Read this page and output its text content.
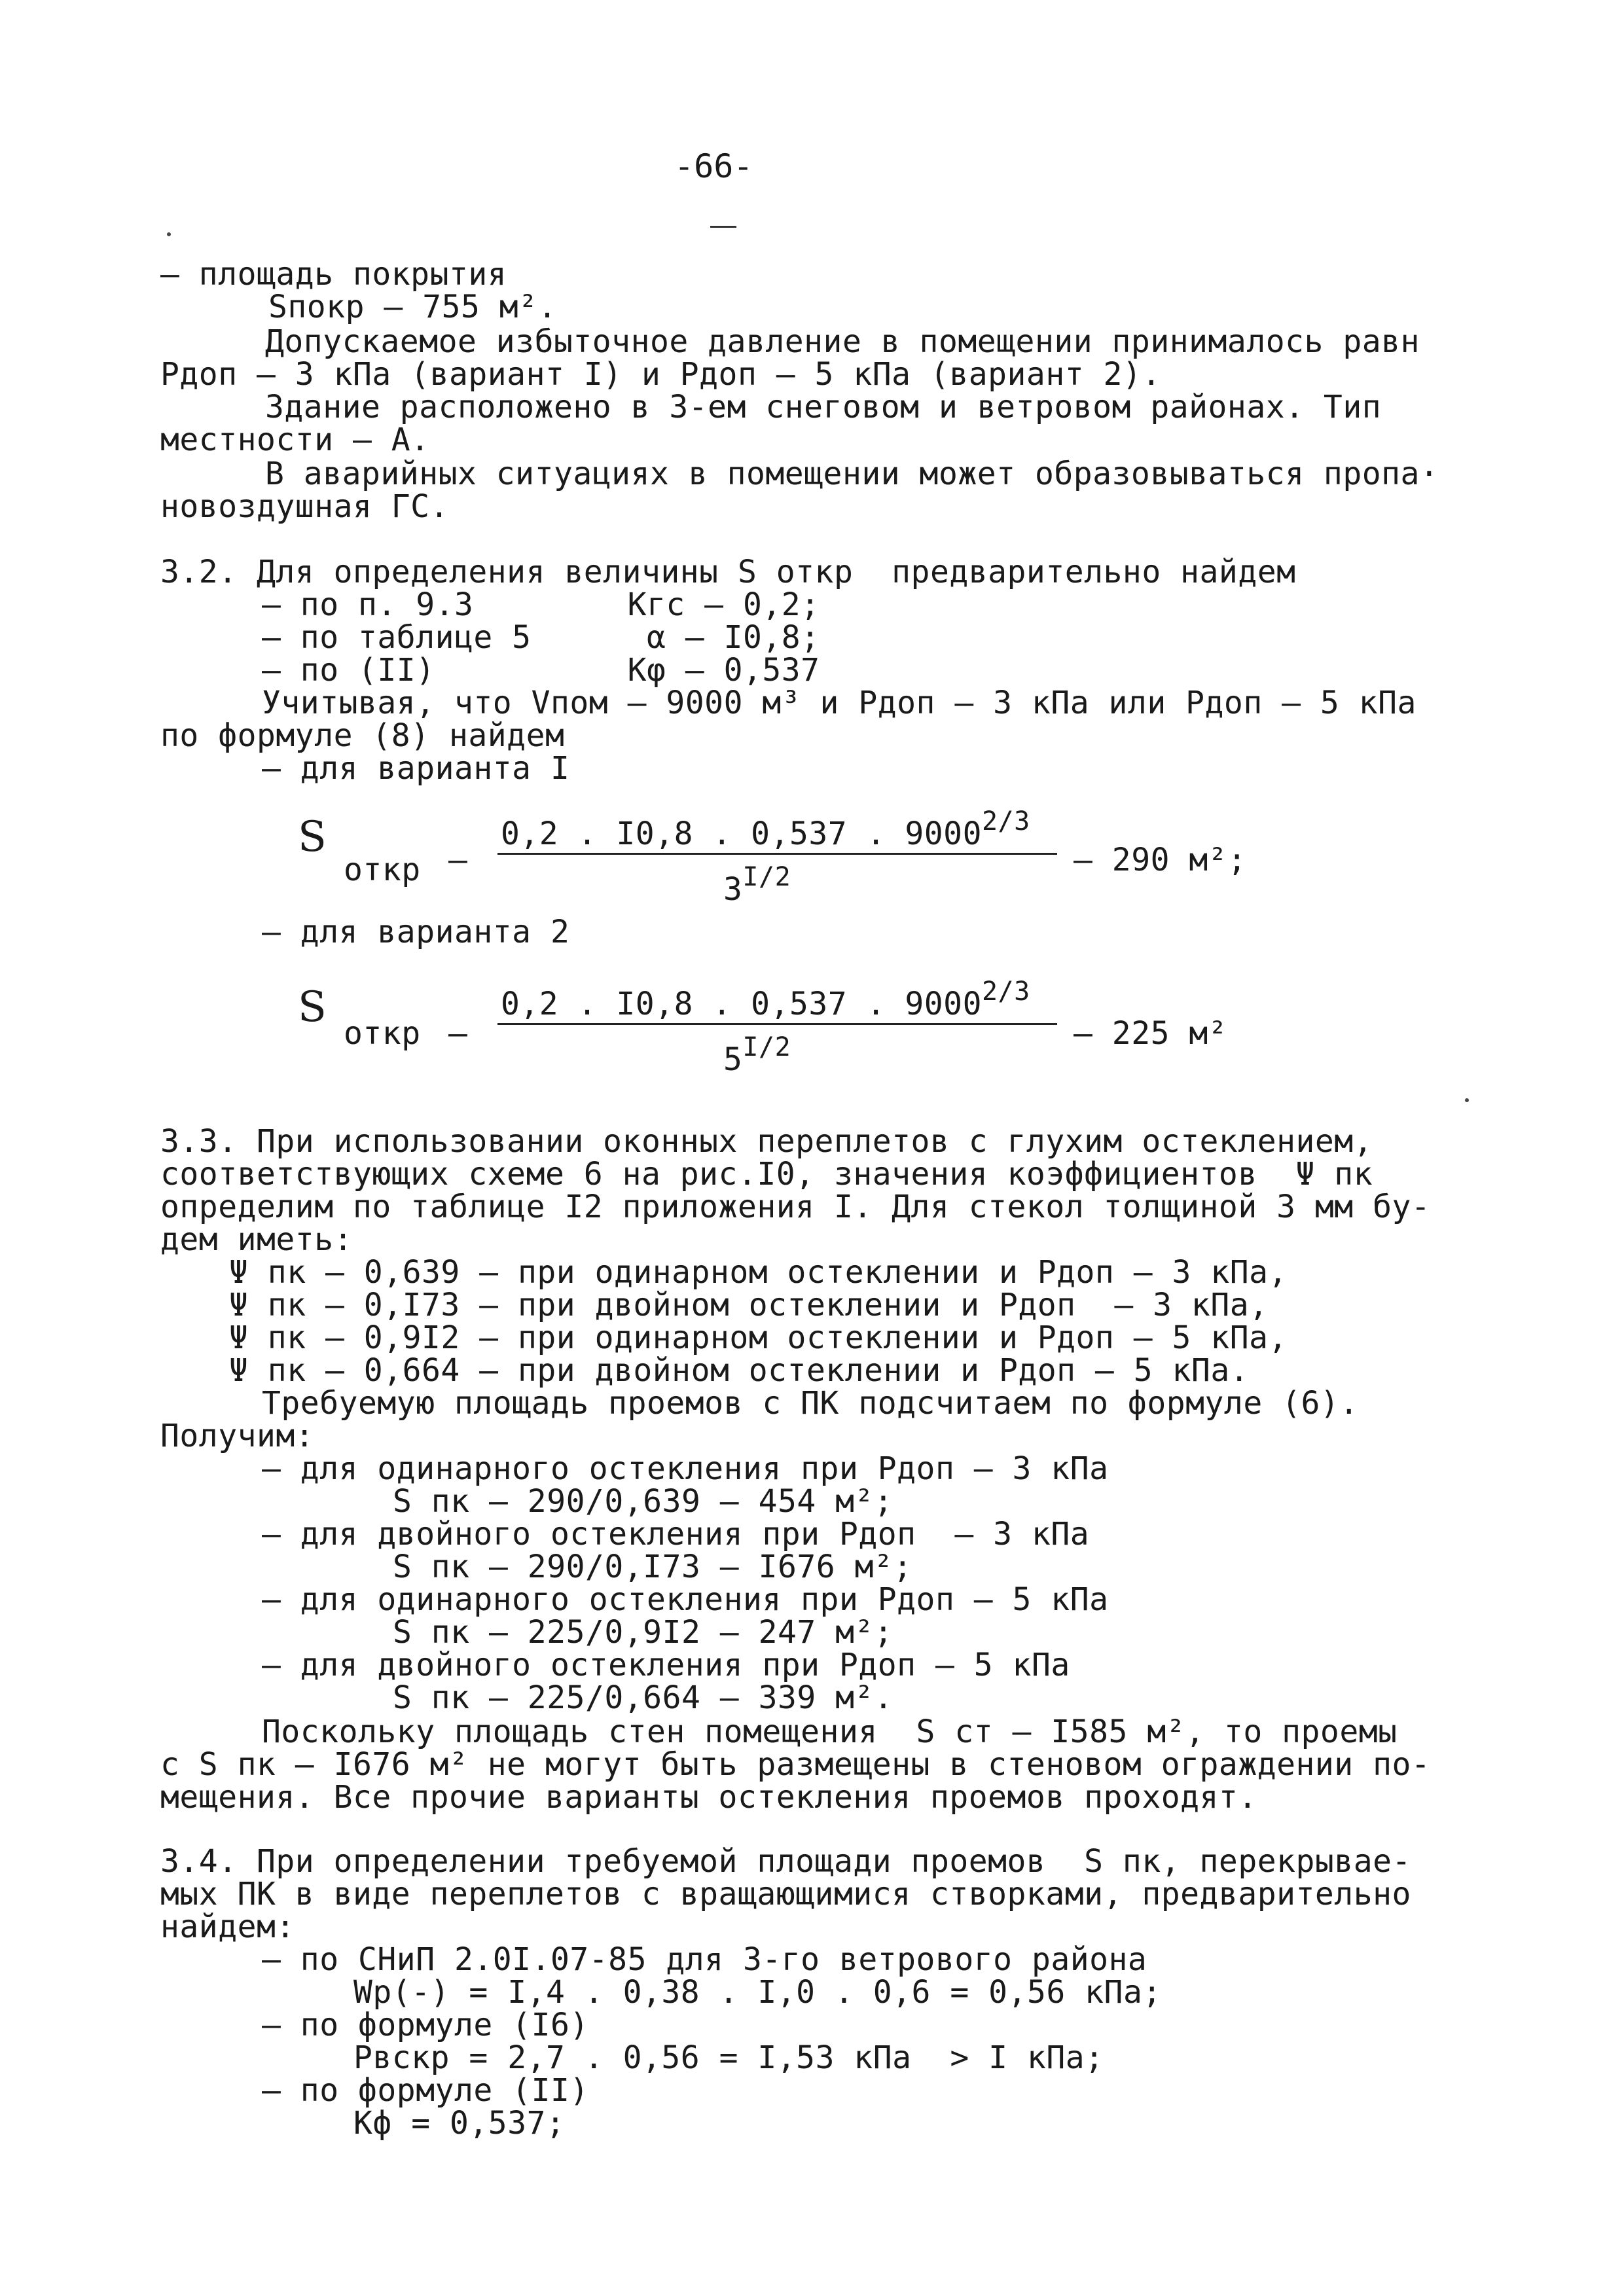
-66-
– площадь покрытия
Sпокр – 755 м².
Допускаемое избыточное давление в помещении принималось равн
Рдоп – 3 кПа (вариант I) и Рдоп – 5 кПа (вариант 2).
Здание расположено в 3-ем снеговом и ветровом районах. Тип
местности – А.
В аварийных ситуациях в помещении может образовываться пропа·
новоздушная ГС.
3.2. Для определения величины S откр  предварительно найдем
– по п. 9.3        Кгс – 0,2;
– по таблице 5      α – I0,8;
– по (II)          Кφ – 0,537
Учитывая, что Vпом – 9000 м³ и Рдоп – 3 кПа или Рдоп – 5 кПа
по формуле (8) найдем
– для варианта I
S
откр –
0,2 . I0,8 . 0,537 . $9000^{2/3}$
$3^{I/2}$	– 290 м²;
– для варианта 2
S
откр –
0,2 . I0,8 . 0,537 . $9000^{2/3}$
$5^{I/2}$	– 225 м²
3.3. При использовании оконных переплетов с глухим остеклением,
соответствующих схеме 6 на рис.I0, значения коэффициентов  Ψ пк
определим по таблице I2 приложения I. Для стекол толщиной 3 мм бу-
дем иметь:
Ψ пк – 0,639 – при одинарном остеклении и Рдоп – 3 кПа,
Ψ пк – 0,I73 – при двойном остеклении и Рдоп  – 3 кПа,
Ψ пк – 0,9I2 – при одинарном остеклении и Рдоп – 5 кПа,
Ψ пк – 0,664 – при двойном остеклении и Рдоп – 5 кПа.
Требуемую площадь проемов с ПК подсчитаем по формуле (6).
Получим:
– для одинарного остекления при Рдоп – 3 кПа
S пк – 290/0,639 – 454 м²;
– для двойного остекления при Рдоп  – 3 кПа
S пк – 290/0,I73 – I676 м²;
– для одинарного остекления при Рдоп – 5 кПа
S пк – 225/0,9I2 – 247 м²;
– для двойного остекления при Рдоп – 5 кПа
S пк – 225/0,664 – 339 м².
Поскольку площадь стен помещения  S ст – I585 м², то проемы
с S пк – I676 м² не могут быть размещены в стеновом ограждении по-
мещения. Все прочие варианты остекления проемов проходят.
3.4. При определении требуемой площади проемов  S пк, перекрывае-
мых ПК в виде переплетов с вращающимися створками, предварительно
найдем:
– по СНиП 2.0I.07-85 для 3-го ветрового района
Wр(-) = I,4 . 0,38 . I,0 . 0,6 = 0,56 кПа;
– по формуле (I6)
Рвскр = 2,7 . 0,56 = I,53 кПа  > I кПа;
– по формуле (II)
Кф = 0,537;
